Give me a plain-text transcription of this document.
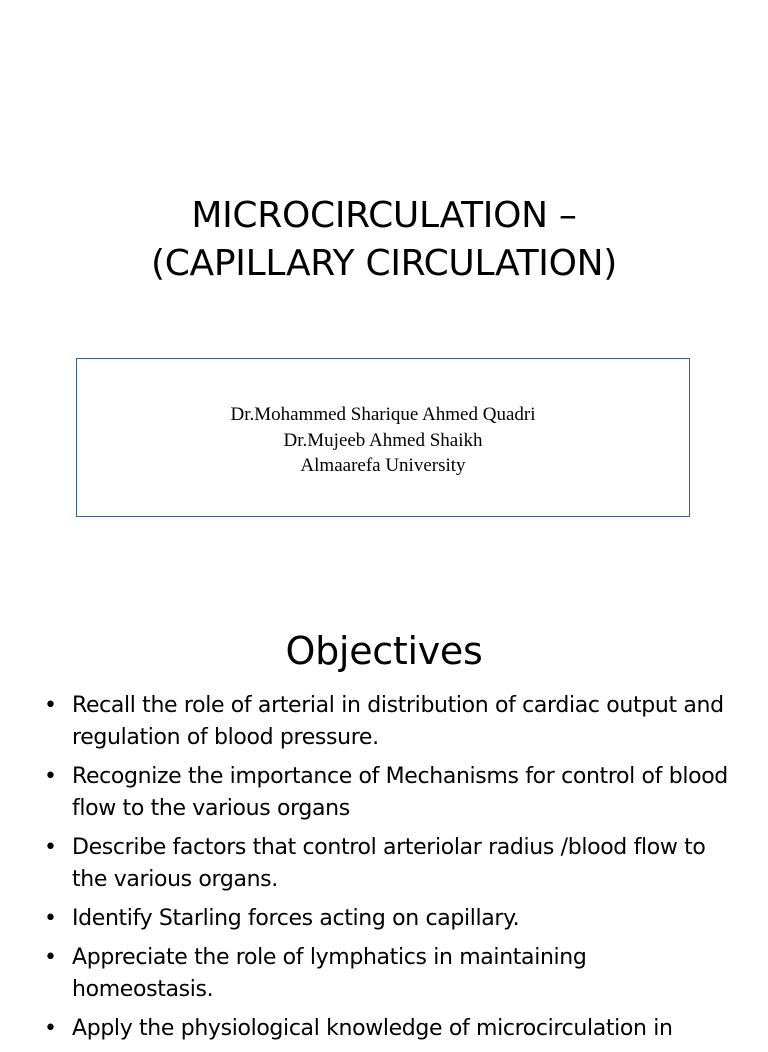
MICROCIRCULATION –
(CAPILLARY CIRCULATION)
Dr.Mohammed Sharique Ahmed Quadri
Dr.Mujeeb Ahmed Shaikh
Almaarefa University
Objectives
• Recall the role of arterial in distribution of cardiac output and regulation of blood pressure.
• Recognize the importance of Mechanisms for control of blood flow to the various organs
• Describe factors that control arteriolar radius /blood flow to the various organs.
• Identify Starling forces acting on capillary.
• Appreciate the role of lymphatics in maintaining homeostasis.
• Apply the physiological knowledge of microcirculation in
